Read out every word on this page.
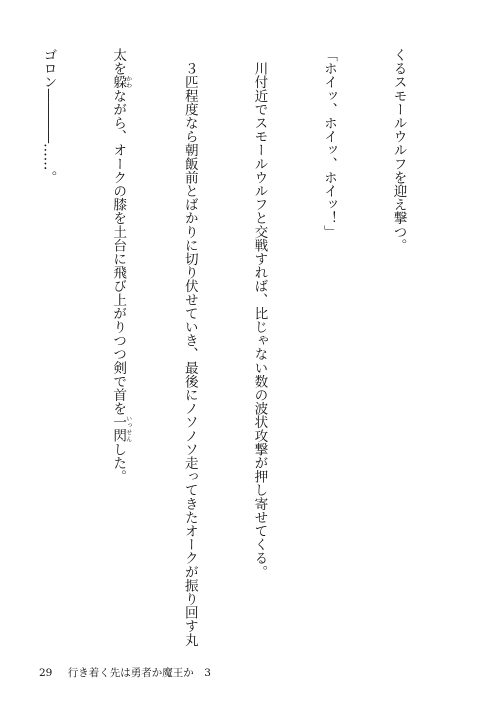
くるスモールウルフを迎え撃つ。

「ホイッ、ホイッ、ホイッ！」

　川付近でスモールウルフと交戦すれば、比じゃない数の波状攻撃が押し寄せてくる。

　３匹程度なら朝飯前とばかりに切り伏せていき、最後にノソノソ走ってきたオークが振り回す丸

太を躱かわながら、オークの膝を土台に飛び上がりつつ剣で首を一閃いっせんした。

ゴロン――――……。

29 行き着く先は勇者か魔王か　3
